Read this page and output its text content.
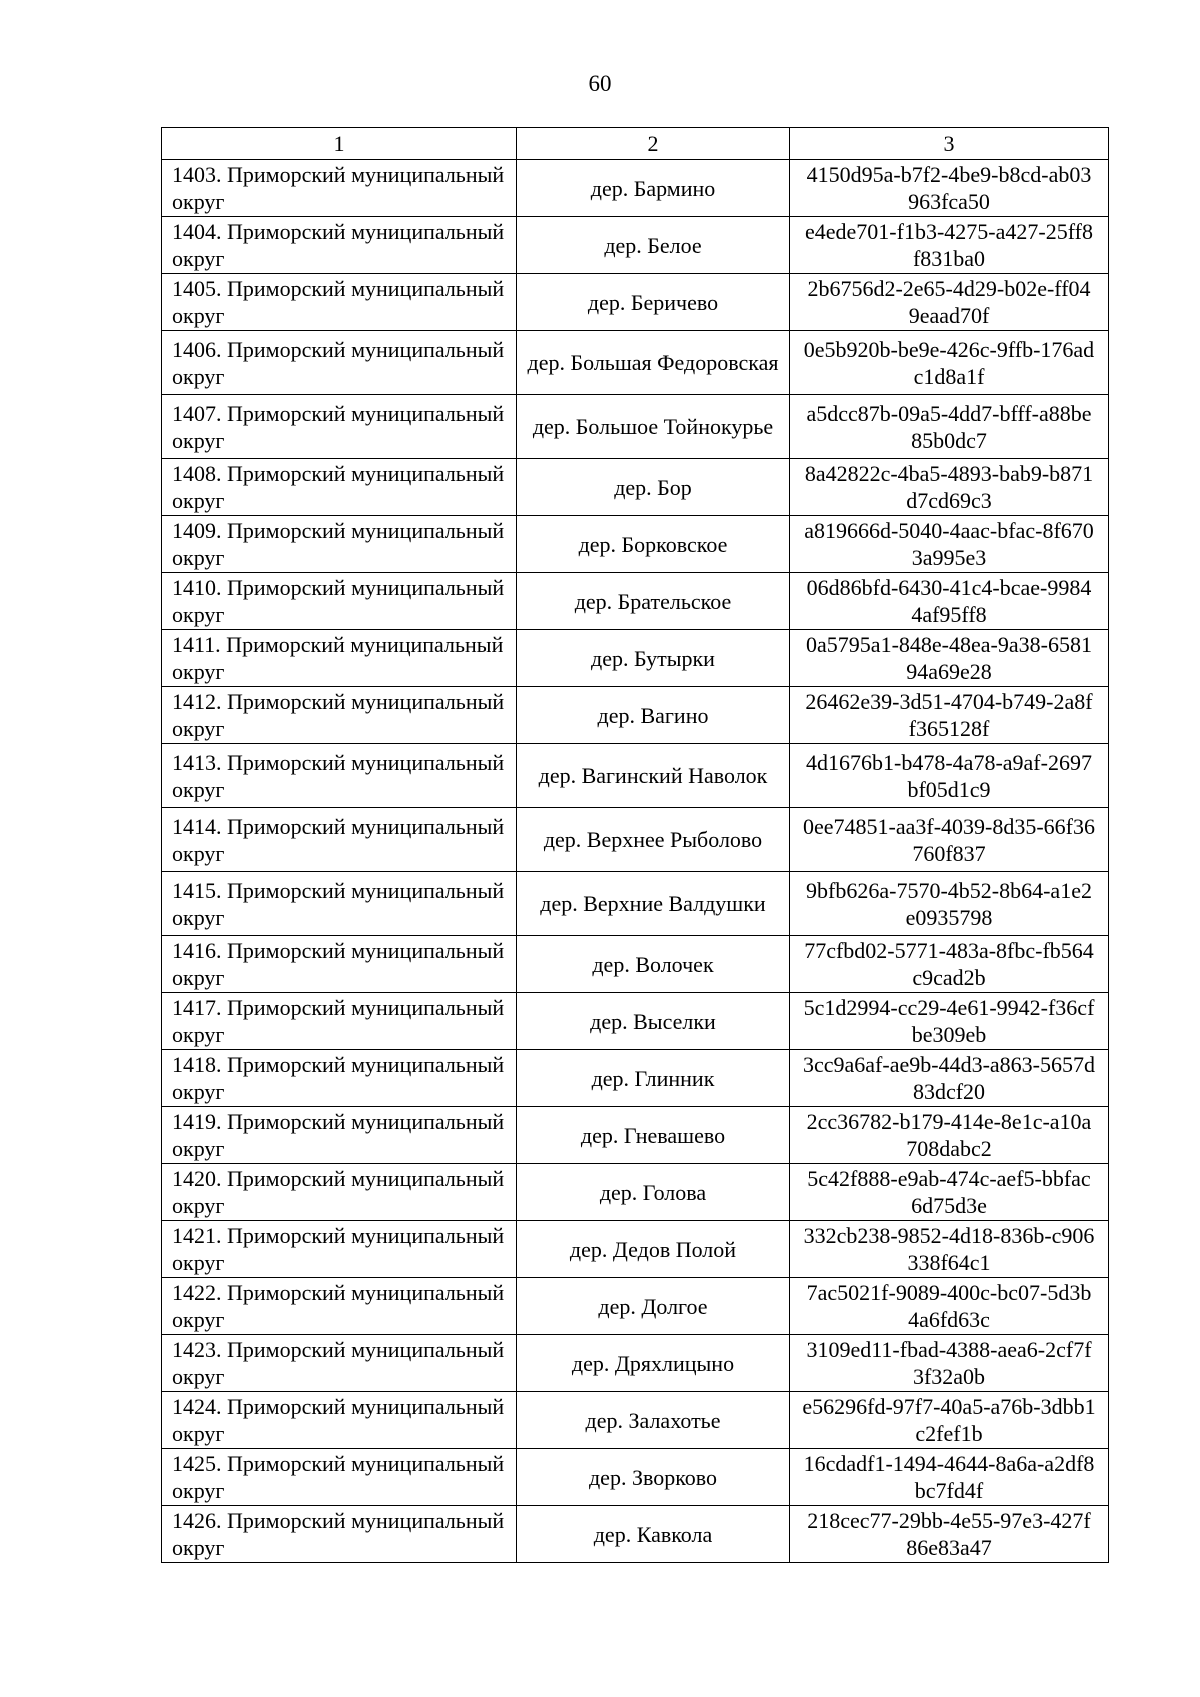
60
1	2	3
1403. Приморский муниципальный округ	дер. Бармино	4150d95a-b7f2-4be9-b8cd-ab03963fca50
1404. Приморский муниципальный округ	дер. Белое	e4ede701-f1b3-4275-a427-25ff8f831ba0
1405. Приморский муниципальный округ	дер. Беричево	2b6756d2-2e65-4d29-b02e-ff049eaad70f
1406. Приморский муниципальный округ	дер. Большая Федоровская	0e5b920b-be9e-426c-9ffb-176adc1d8a1f
1407. Приморский муниципальный округ	дер. Большое Тойнокурье	a5dcc87b-09a5-4dd7-bfff-a88be85b0dc7
1408. Приморский муниципальный округ	дер. Бор	8a42822c-4ba5-4893-bab9-b871d7cd69c3
1409. Приморский муниципальный округ	дер. Борковское	a819666d-5040-4aac-bfac-8f6703a995e3
1410. Приморский муниципальный округ	дер. Брательское	06d86bfd-6430-41c4-bcae-99844af95ff8
1411. Приморский муниципальный округ	дер. Бутырки	0a5795a1-848e-48ea-9a38-658194a69e28
1412. Приморский муниципальный округ	дер. Вагино	26462e39-3d51-4704-b749-2a8ff365128f
1413. Приморский муниципальный округ	дер. Вагинский Наволок	4d1676b1-b478-4a78-a9af-2697bf05d1c9
1414. Приморский муниципальный округ	дер. Верхнее Рыболово	0ee74851-aa3f-4039-8d35-66f36760f837
1415. Приморский муниципальный округ	дер. Верхние Валдушки	9bfb626a-7570-4b52-8b64-a1e2e0935798
1416. Приморский муниципальный округ	дер. Волочек	77cfbd02-5771-483a-8fbc-fb564c9cad2b
1417. Приморский муниципальный округ	дер. Выселки	5c1d2994-cc29-4e61-9942-f36cfbe309eb
1418. Приморский муниципальный округ	дер. Глинник	3cc9a6af-ae9b-44d3-a863-5657d83dcf20
1419. Приморский муниципальный округ	дер. Гневашево	2cc36782-b179-414e-8e1c-a10a708dabc2
1420. Приморский муниципальный округ	дер. Голова	5c42f888-e9ab-474c-aef5-bbfac6d75d3e
1421. Приморский муниципальный округ	дер. Дедов Полой	332cb238-9852-4d18-836b-c906338f64c1
1422. Приморский муниципальный округ	дер. Долгое	7ac5021f-9089-400c-bc07-5d3b4a6fd63c
1423. Приморский муниципальный округ	дер. Дряхлицыно	3109ed11-fbad-4388-aea6-2cf7f3f32a0b
1424. Приморский муниципальный округ	дер. Залахотье	e56296fd-97f7-40a5-a76b-3dbb1c2fef1b
1425. Приморский муниципальный округ	дер. Зворково	16cdadf1-1494-4644-8a6a-a2df8bc7fd4f
1426. Приморский муниципальный округ	дер. Кавкола	218cec77-29bb-4e55-97e3-427f86e83a47
